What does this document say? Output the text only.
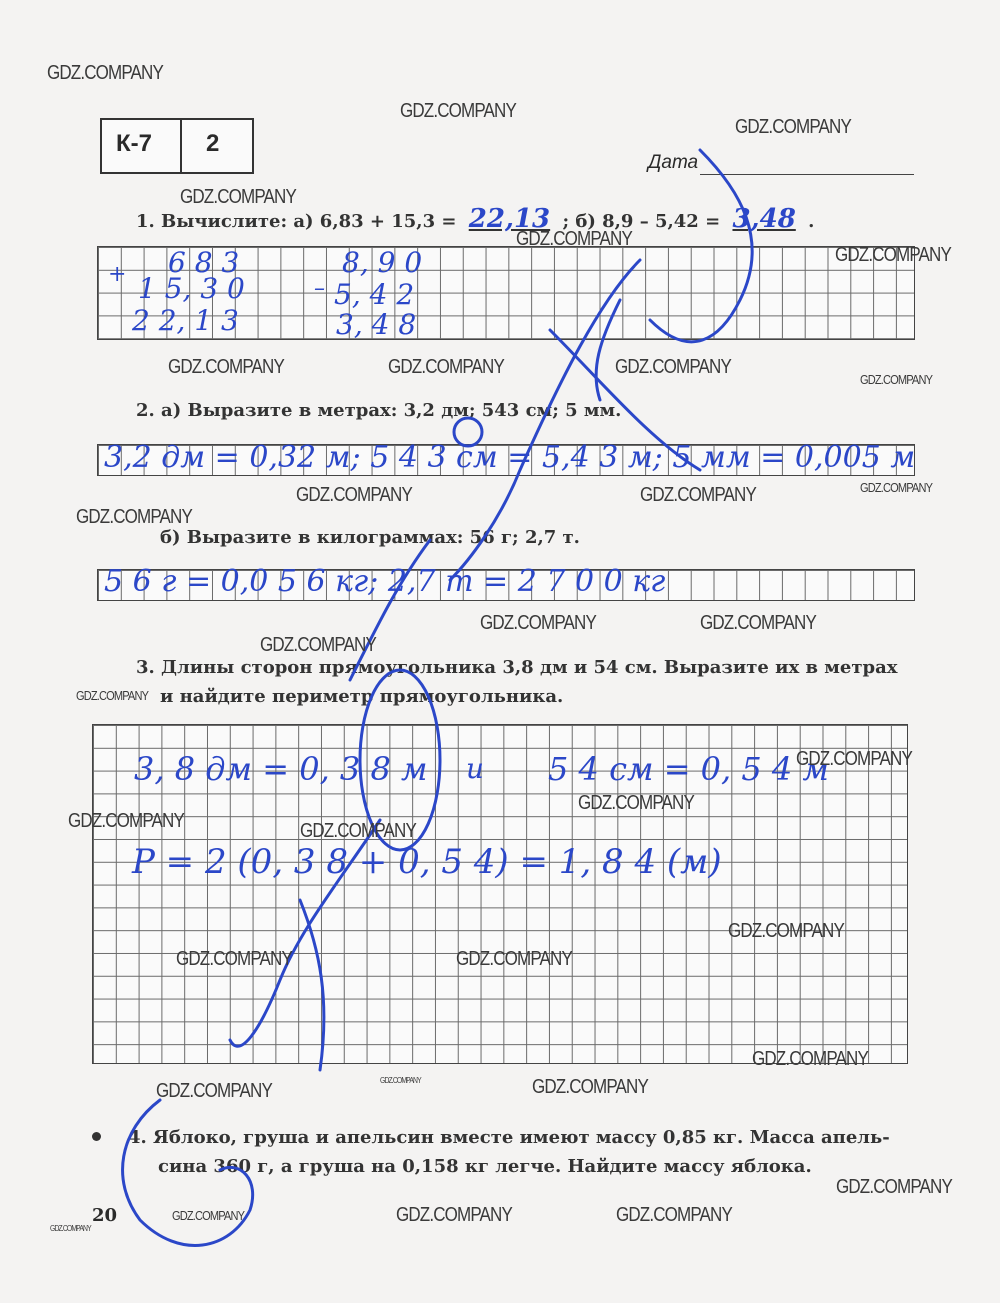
К-7 2
Дата
1. Вычислите: а) 6,83 + 15,3 = 22,13 ; б) 8,9 – 5,42 = 3,48 .
+ 6 8 3
1 5, 3 0
2 2, 1 3
–
8, 9 0
5, 4 2
3, 4 8
2. а) Выразите в метрах: 3,2 дм; 543 см; 5 мм.
3,2 дм = 0,32 м; 5 4 3 см = 5,4 3 м; 5 мм = 0,005 м
б) Выразите в килограммах: 56 г; 2,7 т.
5 6 г = 0,0 5 6 кг; 2,7 т = 2 7 0 0 кг
3. Длины сторон прямоугольника 3,8 дм и 54 см. Выразите их в метрах
и найдите периметр прямоугольника.
3, 8 дм = 0, 3 8 м и 5 4 см = 0, 5 4 м
P = 2 (0, 3 8 + 0, 5 4) = 1, 8 4 (м)
4. Яблоко, груша и апельсин вместе имеют массу 0,85 кг. Масса апель-
сина 360 г, а груша на 0,158 кг легче. Найдите массу яблока.
20
GDZ.COMPANY
GDZ.COMPANY
GDZ.COMPANY
GDZ.COMPANY
GDZ.COMPANY
GDZ.COMPANY
GDZ.COMPANY	GDZ.COMPANY	GDZ.COMPANY
GDZ.COMPANY
GDZ.COMPANY	GDZ.COMPANY	GDZ.COMPANY
GDZ.COMPANY
GDZ.COMPANY	GDZ.COMPANY
GDZ.COMPANY
GDZ.COMPANY
GDZ.COMPANY
GDZ.COMPANY
GDZ.COMPANY	GDZ.COMPANY
GDZ.COMPANY
GDZ.COMPANY	GDZ.COMPANY
GDZ.COMPANY
GDZ.COMPANY
GDZ.COMPANY	GDZ.COMPANY
GDZ.COMPANY
GDZ.COMPANY	GDZ.COMPANY	GDZ.COMPANY
GDZ.COMPANY
